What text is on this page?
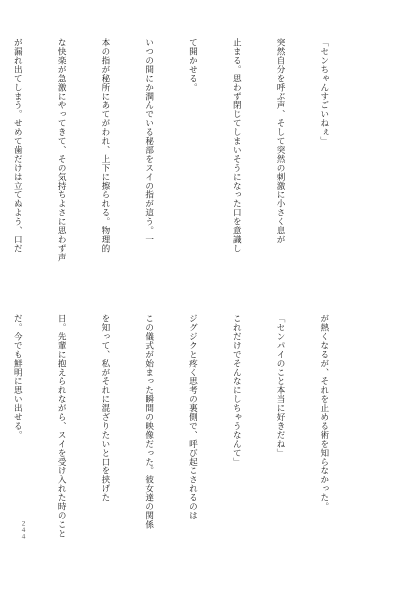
「センちゃんすごいねぇ」

突然自分を呼ぶ声、そして突然の刺激に小さく息が

止まる。思わず閉じてしまいそうになった口を意識し

て開かせる。

いつの間にか潤んでいる秘部をスイの指が這う。一

本の指が秘所にあてがわれ、上下に擦られる。物理的

な快楽が急激にやってきて、その気持ちよさに思わず声

が漏れ出てしまう。せめて歯だけは立てぬよう、口だ

が熱くなるが、それを止める術を知らなかった。

「センパイのこと本当に好きだね」

これだけでそんなにしちゃうなんて」

ジグジクと疼く思考の裏側で、呼び起こされるのは

この儀式が始まった瞬間の映像だった。彼女達の関係

を知って、私がそれに混ざりたいと口を挟げた

日。先輩に抱えられながら、スイを受け入れた時のこと

だ。今でも鮮明に思い出せる。

２４４
